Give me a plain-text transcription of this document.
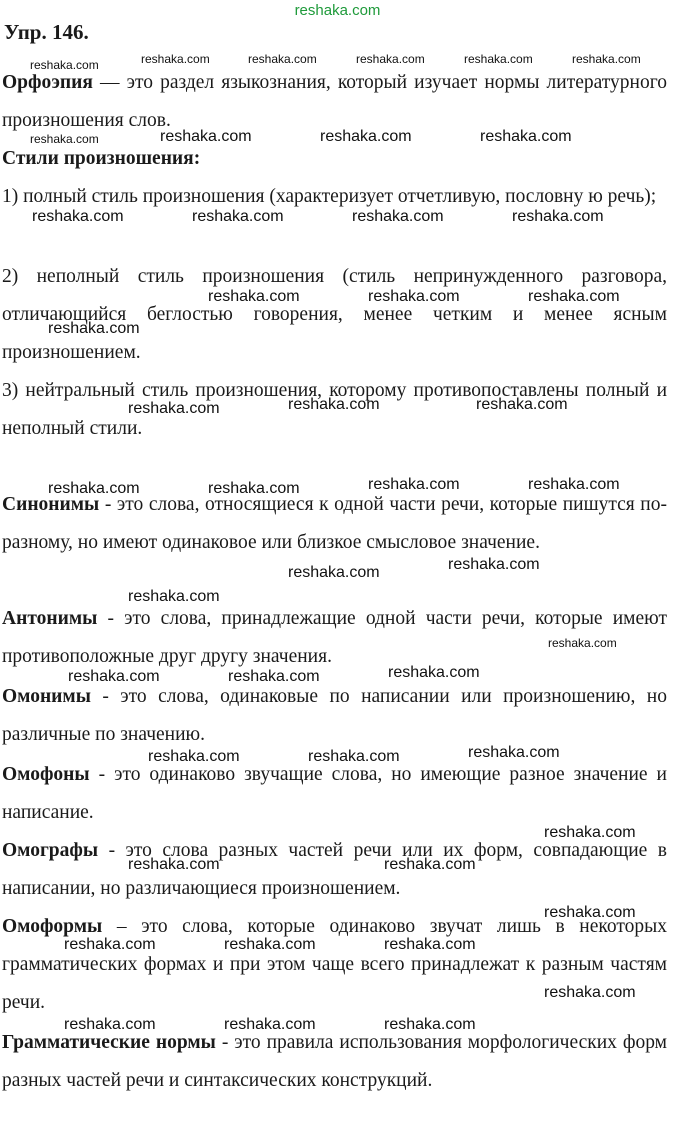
reshaka.com
Упр. 146.

Орфоэпия — это раздел языкознания, который изучает нормы литературного произношения слов.

Стили произношения:

1) полный стиль произношения (характеризует отчетливую, пословну ю речь);

2) неполный стиль произношения (стиль непринужденного разговора, отличающийся беглостью говорения, менее четким и менее ясным произношением.

3) нейтральный стиль произношения, которому противопоставлены полный и неполный стили.

Синонимы - это слова, относящиеся к одной части речи, которые пишутся по-разному, но имеют одинаковое или близкое смысловое значение.

Антонимы - это слова, принадлежащие одной части речи, которые имеют противоположные друг другу значения.

Омонимы - это слова, одинаковые по написании или произношению, но различные по значению.

Омофоны - это одинаково звучащие слова, но имеющие разное значение и написание.

Омографы - это слова разных частей речи или их форм, совпадающие в написании, но различающиеся произношением.

Омоформы – это слова, которые одинаково звучат лишь в некоторых грамматических формах и при этом чаще всего принадлежат к разным частям речи.

Грамматические нормы - это правила использования морфологических форм разных частей речи и синтаксических конструкций.

reshaka.com	reshaka.com	reshaka.com	reshaka.com	reshaka.com	reshaka.com
reshaka.com	reshaka.com	reshaka.com	reshaka.com
reshaka.com	reshaka.com	reshaka.com	reshaka.com
reshaka.com	reshaka.com	reshaka.com
reshaka.com
reshaka.com	reshaka.com	reshaka.com
reshaka.com	reshaka.com
reshaka.com	reshaka.com
reshaka.com
reshaka.com
reshaka.com
reshaka.com
reshaka.com
reshaka.com	reshaka.com
reshaka.com
reshaka.com	reshaka.com
reshaka.com
reshaka.com	reshaka.com
reshaka.com
reshaka.com	reshaka.com	reshaka.com
reshaka.com
reshaka.com	reshaka.com	reshaka.com
